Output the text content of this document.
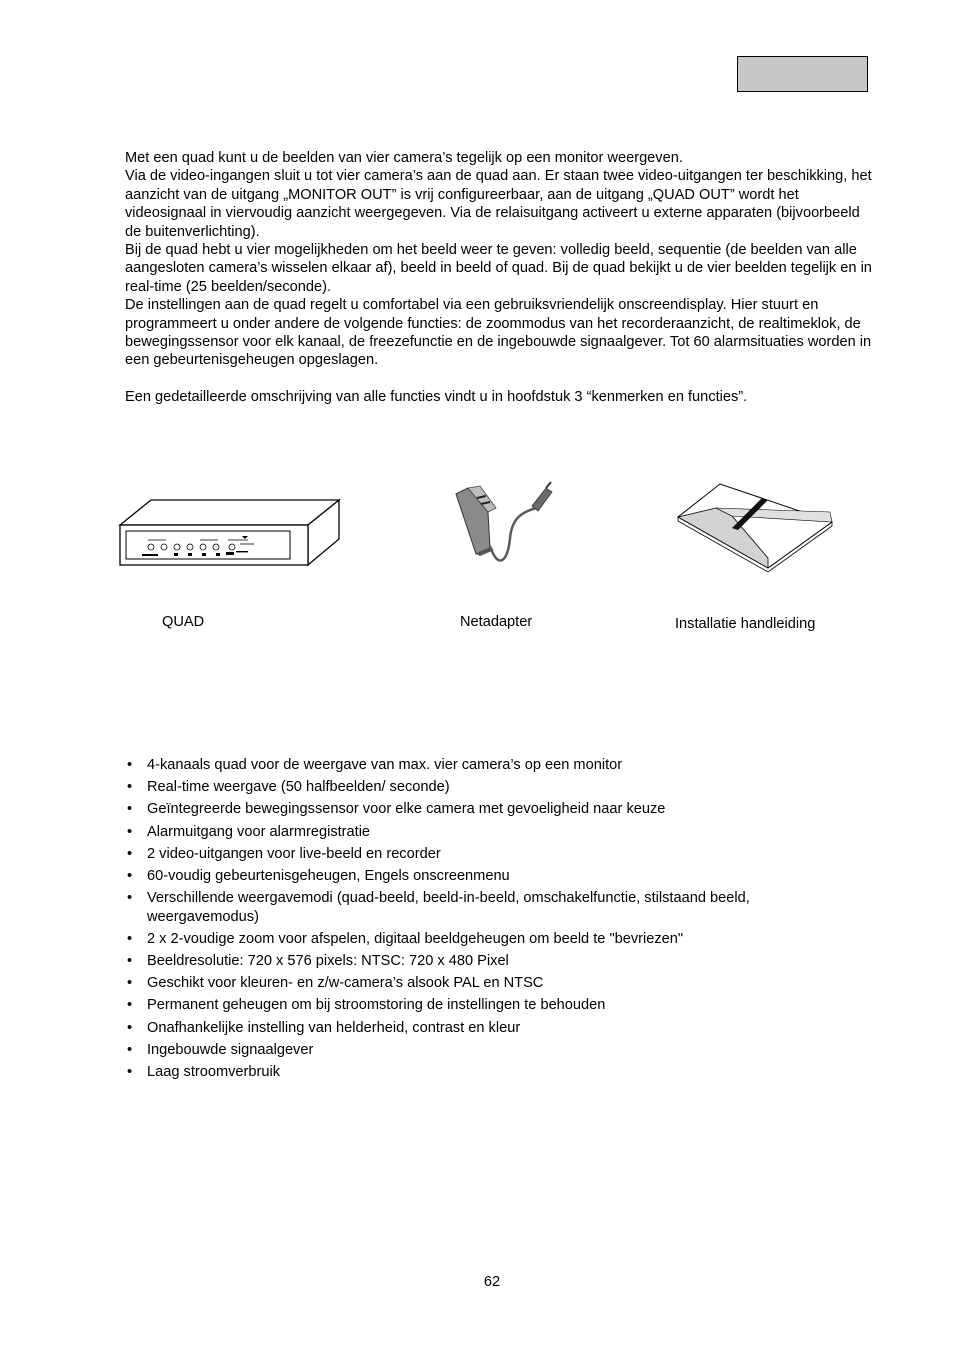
Met een quad kunt u de beelden van vier camera’s tegelijk op een monitor weergeven.

Via de video-ingangen sluit u tot vier camera’s aan de quad aan. Er staan twee video-uitgangen ter beschikking, het aanzicht van de uitgang „MONITOR OUT” is vrij configureerbaar, aan de uitgang „QUAD OUT” wordt het videosignaal in viervoudig aanzicht weergegeven. Via de relaisuitgang activeert u externe apparaten (bijvoorbeeld de buitenverlichting).

Bij de quad hebt u vier mogelijkheden om het beeld weer te geven: volledig beeld, sequentie (de beelden van alle aangesloten camera’s wisselen elkaar af), beeld in beeld of quad. Bij de quad bekijkt u de vier beelden tegelijk en in real-time (25 beelden/seconde).

De instellingen aan de quad regelt u comfortabel via een gebruiksvriendelijk onscreendisplay. Hier stuurt en programmeert u onder andere de volgende functies: de zoommodus van het recorderaanzicht, de realtimeklok, de bewegingssensor voor elk kanaal, de freezefunctie en de ingebouwde signaalgever. Tot 60 alarmsituaties worden in een gebeurtenisgeheugen opgeslagen.

Een gedetailleerde omschrijving van alle functies vindt u in hoofdstuk 3 “kenmerken en functies”.

QUAD	Netadapter	Installatie handleiding
• 4-kanaals quad voor de weergave van max. vier camera’s op een monitor
• Real-time weergave (50 halfbeelden/ seconde)
• Geïntegreerde bewegingssensor voor elke camera met gevoeligheid naar keuze
• Alarmuitgang voor alarmregistratie
• 2 video-uitgangen voor live-beeld en recorder
• 60-voudig gebeurtenisgeheugen, Engels onscreenmenu
• Verschillende weergavemodi (quad-beeld, beeld-in-beeld, omschakelfunctie, stilstaand beeld, weergavemodus)
• 2 x 2-voudige zoom voor afspelen, digitaal beeldgeheugen om beeld te "bevriezen"
• Beeldresolutie: 720 x 576 pixels: NTSC: 720 x 480 Pixel
• Geschikt voor kleuren- en z/w-camera’s alsook PAL en NTSC
• Permanent geheugen om bij stroomstoring de instellingen te behouden
• Onafhankelijke instelling van helderheid, contrast en kleur
• Ingebouwde signaalgever
• Laag stroomverbruik
62
